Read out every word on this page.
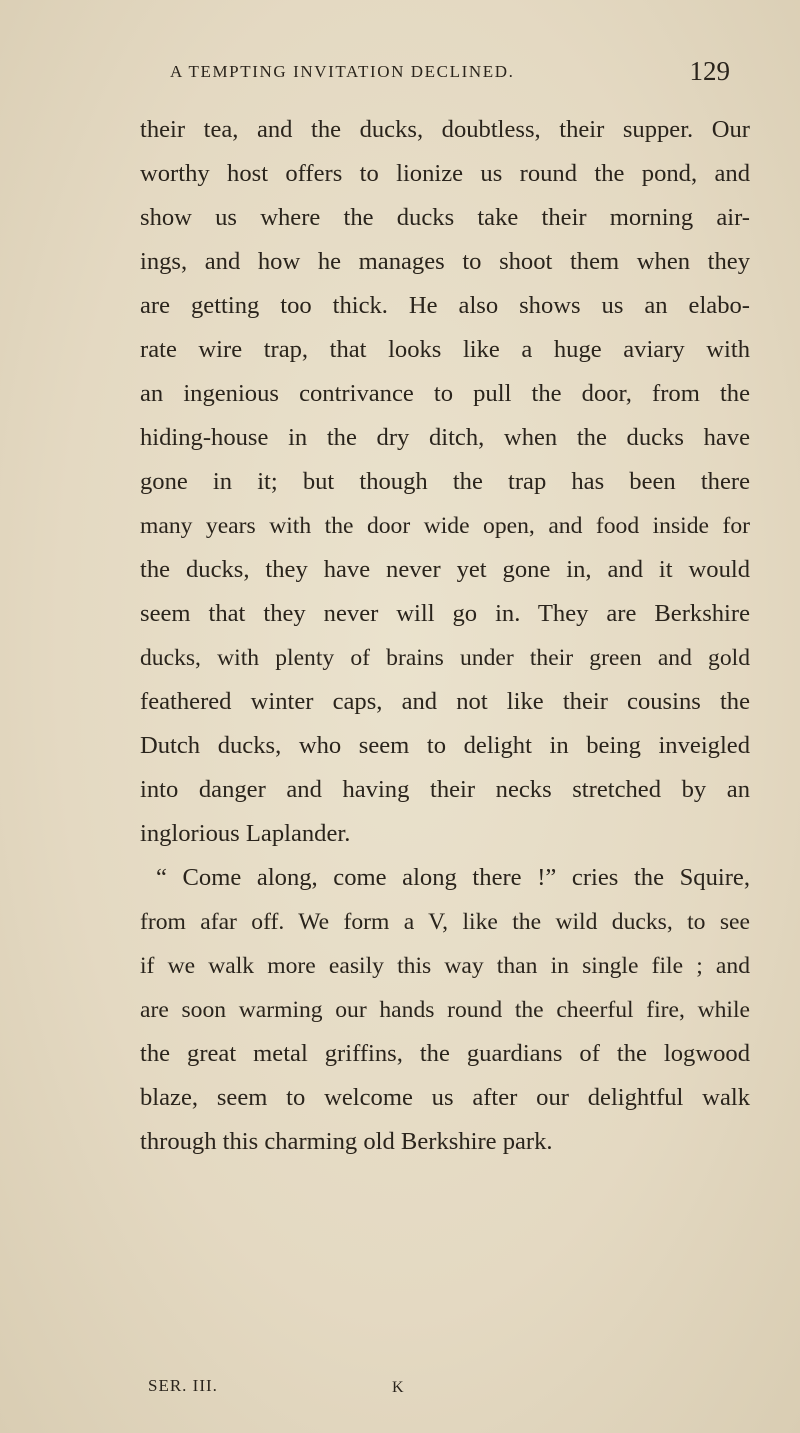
A TEMPTING INVITATION DECLINED.	129
their tea, and the ducks, doubtless, their supper. Our
worthy host offers to lionize us round the pond, and
show us where the ducks take their morning air-
ings, and how he manages to shoot them when they
are getting too thick. He also shows us an elabo-
rate wire trap, that looks like a huge aviary with
an ingenious contrivance to pull the door, from the
hiding-house in the dry ditch, when the ducks have
gone in it; but though the trap has been there
many years with the door wide open, and food inside for
the ducks, they have never yet gone in, and it would
seem that they never will go in. They are Berkshire
ducks, with plenty of brains under their green and gold
feathered winter caps, and not like their cousins the
Dutch ducks, who seem to delight in being inveigled
into danger and having their necks stretched by an
inglorious Laplander.
“ Come along, come along there !” cries the Squire,
from afar off. We form a V, like the wild ducks, to see
if we walk more easily this way than in single file ; and
are soon warming our hands round the cheerful fire, while
the great metal griffins, the guardians of the logwood
blaze, seem to welcome us after our delightful walk
through this charming old Berkshire park.
SER. III.	K
